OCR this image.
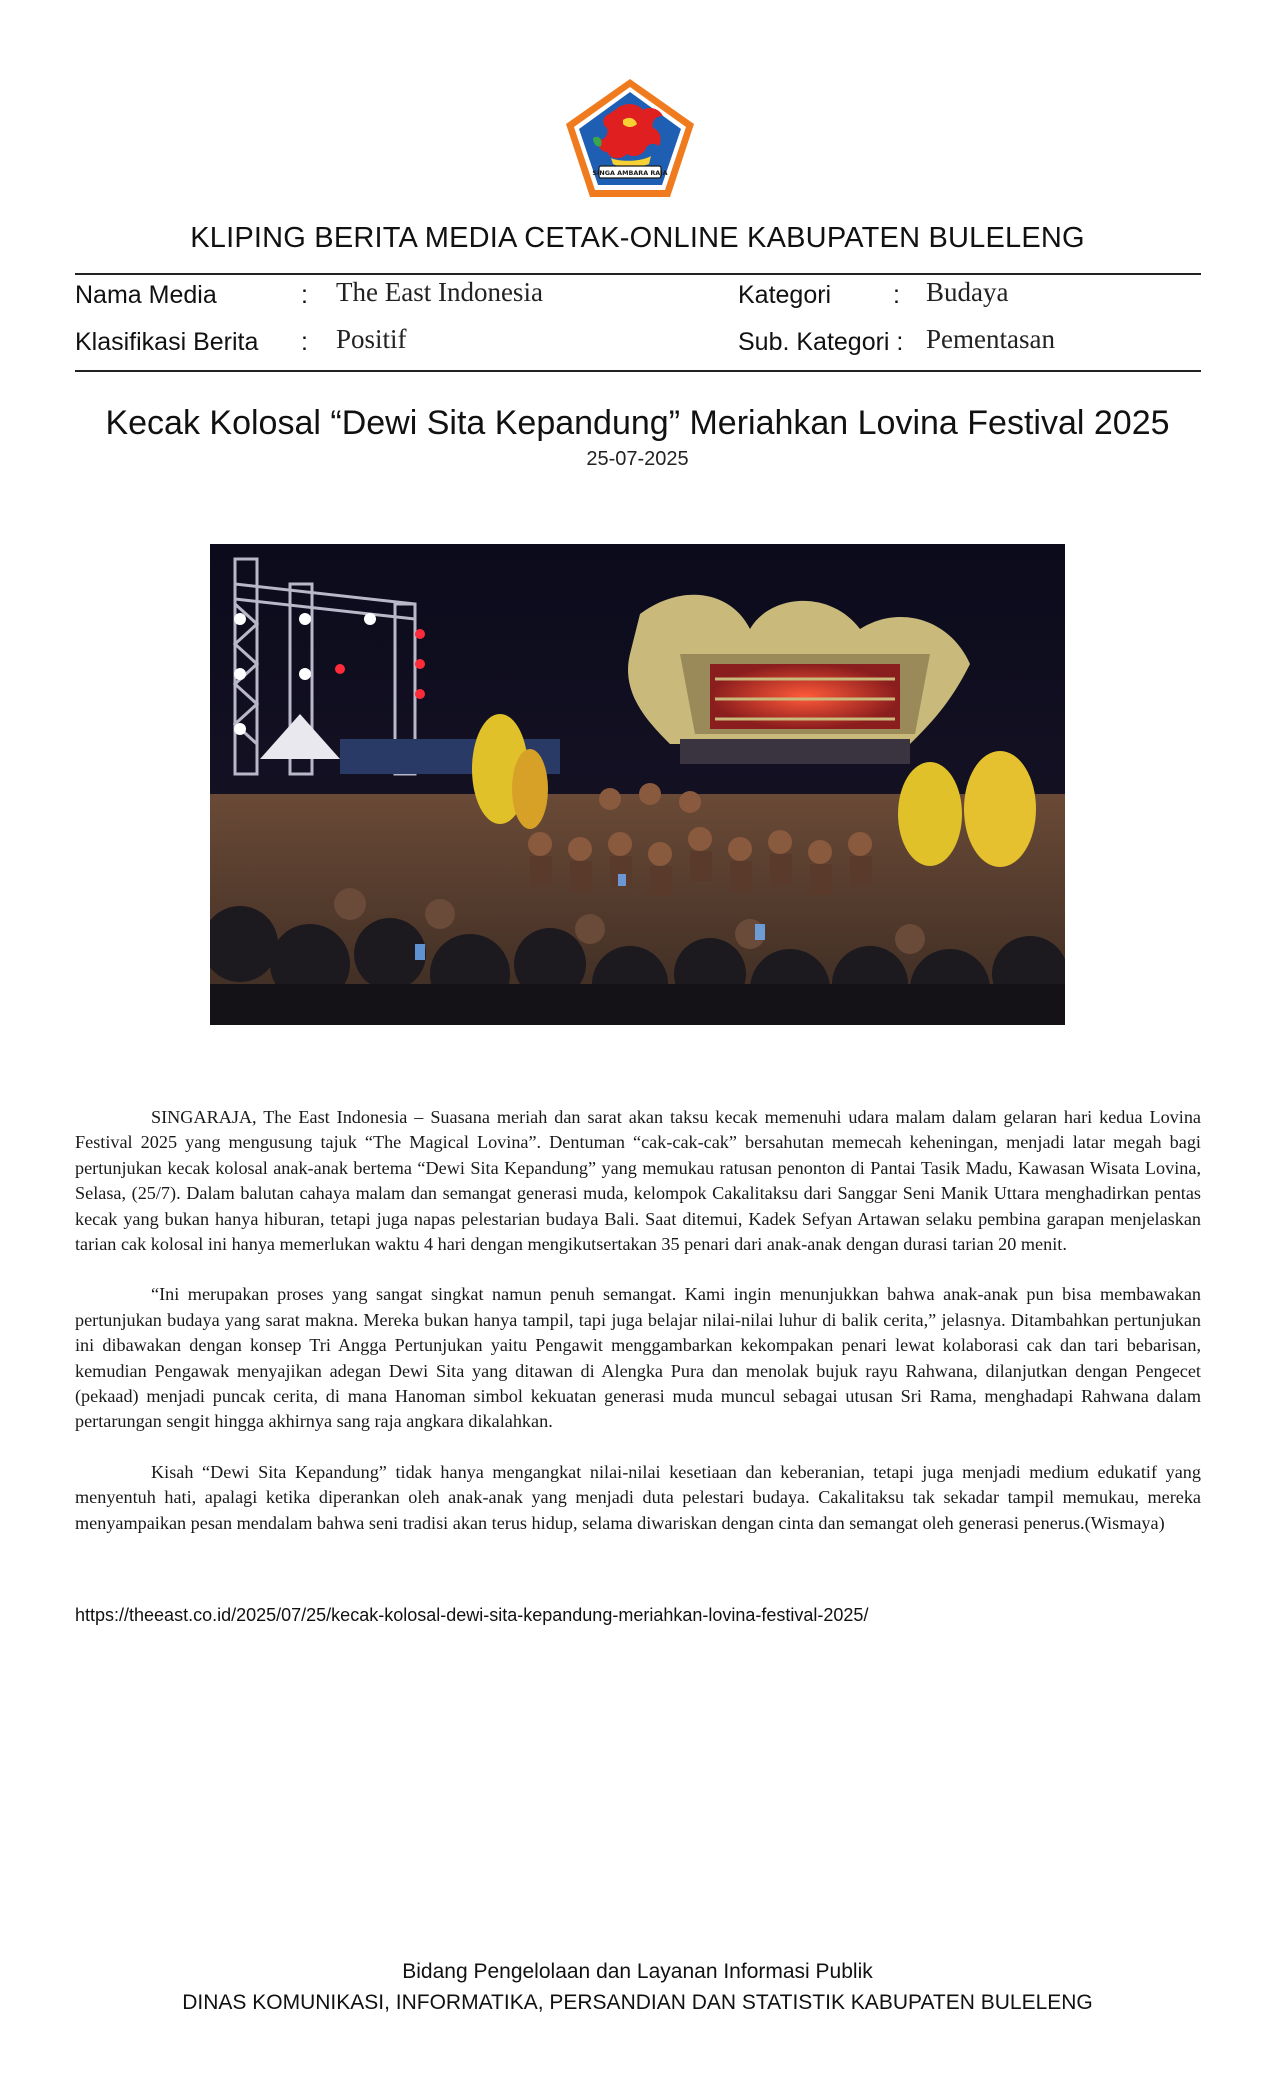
SINGA AMBARA RAJA
KLIPING BERITA MEDIA CETAK-ONLINE KABUPATEN BULELENG
Nama Media	: The East Indonesia	Kategori : Budaya
Klasifikasi Berita : Positif	Sub. Kategori : Pementasan
Kecak Kolosal “Dewi Sita Kepandung” Meriahkan Lovina Festival 2025
25-07-2025

SINGARAJA, The East Indonesia – Suasana meriah dan sarat akan taksu kecak memenuhi udara malam dalam gelaran hari kedua Lovina Festival 2025 yang mengusung tajuk “The Magical Lovina”. Dentuman “cak-cak-cak” bersahutan memecah keheningan, menjadi latar megah bagi pertunjukan kecak kolosal anak-anak bertema “Dewi Sita Kepandung” yang memukau ratusan penonton di Pantai Tasik Madu, Kawasan Wisata Lovina, Selasa, (25/7). Dalam balutan cahaya malam dan semangat generasi muda, kelompok Cakalitaksu dari Sanggar Seni Manik Uttara menghadirkan pentas kecak yang bukan hanya hiburan, tetapi juga napas pelestarian budaya Bali. Saat ditemui, Kadek Sefyan Artawan selaku pembina garapan menjelaskan tarian cak kolosal ini hanya memerlukan waktu 4 hari dengan mengikutsertakan 35 penari dari anak-anak dengan durasi tarian 20 menit.

“Ini merupakan proses yang sangat singkat namun penuh semangat. Kami ingin menunjukkan bahwa anak-anak pun bisa membawakan pertunjukan budaya yang sarat makna. Mereka bukan hanya tampil, tapi juga belajar nilai-nilai luhur di balik cerita,” jelasnya. Ditambahkan pertunjukan ini dibawakan dengan konsep Tri Angga Pertunjukan yaitu Pengawit menggambarkan kekompakan penari lewat kolaborasi cak dan tari bebarisan, kemudian Pengawak menyajikan adegan Dewi Sita yang ditawan di Alengka Pura dan menolak bujuk rayu Rahwana, dilanjutkan dengan Pengecet (pekaad) menjadi puncak cerita, di mana Hanoman simbol kekuatan generasi muda muncul sebagai utusan Sri Rama, menghadapi Rahwana dalam pertarungan sengit hingga akhirnya sang raja angkara dikalahkan.

Kisah “Dewi Sita Kepandung” tidak hanya mengangkat nilai-nilai kesetiaan dan keberanian, tetapi juga menjadi medium edukatif yang menyentuh hati, apalagi ketika diperankan oleh anak-anak yang menjadi duta pelestari budaya. Cakalitaksu tak sekadar tampil memukau, mereka menyampaikan pesan mendalam bahwa seni tradisi akan terus hidup, selama diwariskan dengan cinta dan semangat oleh generasi penerus.(Wismaya)

https://theeast.co.id/2025/07/25/kecak-kolosal-dewi-sita-kepandung-meriahkan-lovina-festival-2025/
Bidang Pengelolaan dan Layanan Informasi Publik
DINAS KOMUNIKASI, INFORMATIKA, PERSANDIAN DAN STATISTIK KABUPATEN BULELENG
